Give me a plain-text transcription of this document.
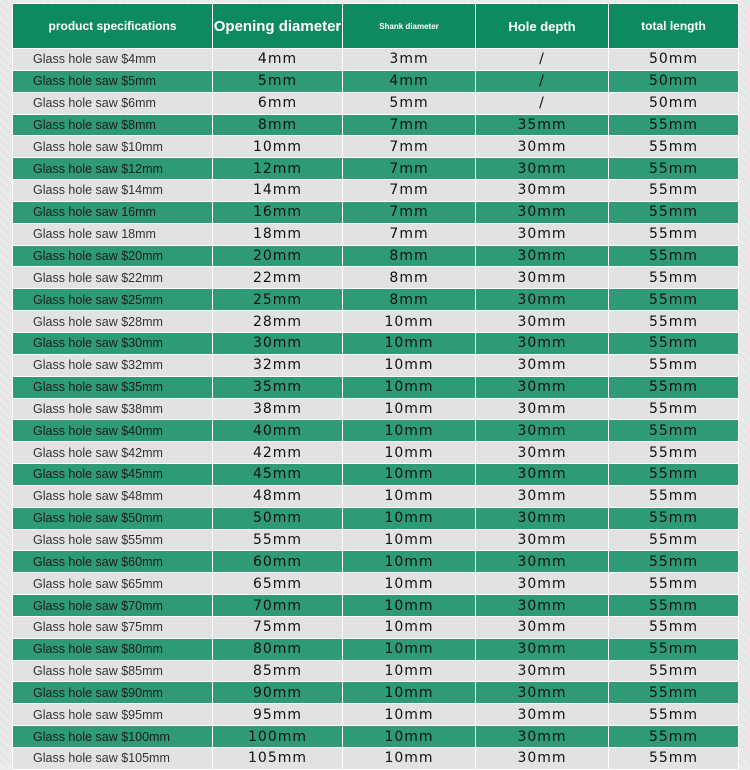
product specifications	Opening diameter	Shank diameter	Hole depth	total length
Glass hole saw $4mm	4mm	3mm	/	50mm
Glass hole saw $5mm	5mm	4mm	/	50mm
Glass hole saw $6mm	6mm	5mm	/	50mm
Glass hole saw $8mm	8mm	7mm	35mm	55mm
Glass hole saw $10mm	10mm	7mm	30mm	55mm
Glass hole saw $12mm	12mm	7mm	30mm	55mm
Glass hole saw $14mm	14mm	7mm	30mm	55mm
Glass hole saw 16mm	16mm	7mm	30mm	55mm
Glass hole saw 18mm	18mm	7mm	30mm	55mm
Glass hole saw $20mm	20mm	8mm	30mm	55mm
Glass hole saw $22mm	22mm	8mm	30mm	55mm
Glass hole saw $25mm	25mm	8mm	30mm	55mm
Glass hole saw $28mm	28mm	10mm	30mm	55mm
Glass hole saw $30mm	30mm	10mm	30mm	55mm
Glass hole saw $32mm	32mm	10mm	30mm	55mm
Glass hole saw $35mm	35mm	10mm	30mm	55mm
Glass hole saw $38mm	38mm	10mm	30mm	55mm
Glass hole saw $40mm	40mm	10mm	30mm	55mm
Glass hole saw $42mm	42mm	10mm	30mm	55mm
Glass hole saw $45mm	45mm	10mm	30mm	55mm
Glass hole saw $48mm	48mm	10mm	30mm	55mm
Glass hole saw $50mm	50mm	10mm	30mm	55mm
Glass hole saw $55mm	55mm	10mm	30mm	55mm
Glass hole saw $60mm	60mm	10mm	30mm	55mm
Glass hole saw $65mm	65mm	10mm	30mm	55mm
Glass hole saw $70mm	70mm	10mm	30mm	55mm
Glass hole saw $75mm	75mm	10mm	30mm	55mm
Glass hole saw $80mm	80mm	10mm	30mm	55mm
Glass hole saw $85mm	85mm	10mm	30mm	55mm
Glass hole saw $90mm	90mm	10mm	30mm	55mm
Glass hole saw $95mm	95mm	10mm	30mm	55mm
Glass hole saw $100mm	100mm	10mm	30mm	55mm
Glass hole saw $105mm	105mm	10mm	30mm	55mm
